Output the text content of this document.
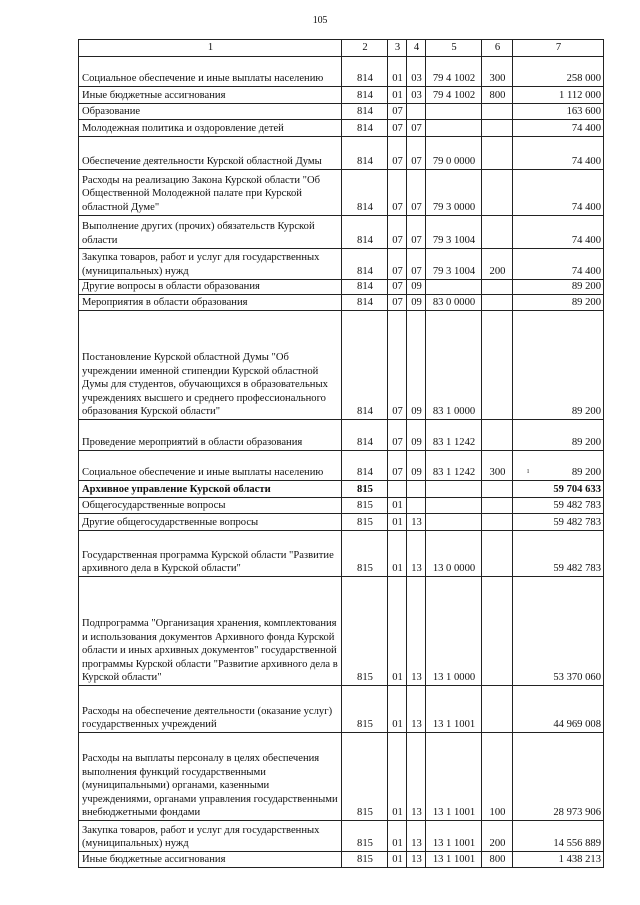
105
1	2	3	4	5	6	7
Социальное обеспечение и иные выплаты населению	814	01	03	79 4 1002	300	258 000
Иные бюджетные ассигнования	814	01	03	79 4 1002	800	1 112 000
Образование	814	07				163 600
Молодежная политика и оздоровление детей	814	07	07			74 400
Обеспечение деятельности Курской областной Думы	814	07	07	79 0 0000		74 400
Расходы на реализацию Закона Курской области "Об Общественной Молодежной палате при Курской областной Думе"	814	07	07	79 3 0000		74 400
Выполнение других (прочих) обязательств Курской области	814	07	07	79 3 1004		74 400
Закупка товаров, работ и услуг для государственных (муниципальных) нужд	814	07	07	79 3 1004	200	74 400
Другие вопросы в области образования	814	07	09			89 200
Мероприятия в области образования	814	07	09	83 0 0000		89 200
Постановление Курской областной Думы "Об учреждении именной стипендии Курской областной Думы для студентов, обучающихся в образовательных учреждениях высшего и среднего профессионального образования Курской области"	814	07	09	83 1 0000		89 200
Проведение мероприятий в области образования	814	07	09	83 1 1242		89 200
Социальное обеспечение и иные выплаты населению	814	07	09	83 1 1242	300	89 200
ı

Архивное управление Курской области	815					59 704 633
Общегосударственные вопросы	815	01				59 482 783
Другие общегосударственные вопросы	815	01	13			59 482 783
Государственная программа Курской области "Развитие архивного дела в Курской области"	815	01	13	13 0 0000		59 482 783
Подпрограмма "Организация хранения, комплектования и использования документов Архивного фонда Курской области и иных архивных документов" государственной программы Курской области "Развитие архивного дела в Курской области"	815	01	13	13 1 0000		53 370 060
Расходы на обеспечение деятельности (оказание услуг) государственных учреждений	815	01	13	13 1 1001		44 969 008
Расходы на выплаты персоналу в целях обеспечения выполнения функций государственными (муниципальными) органами, казенными учреждениями, органами управления государственными внебюджетными фондами	815	01	13	13 1 1001	100	28 973 906
Закупка товаров, работ и услуг для государственных (муниципальных) нужд	815	01	13	13 1 1001	200	14 556 889
Иные бюджетные ассигнования	815	01	13	13 1 1001	800	1 438 213
